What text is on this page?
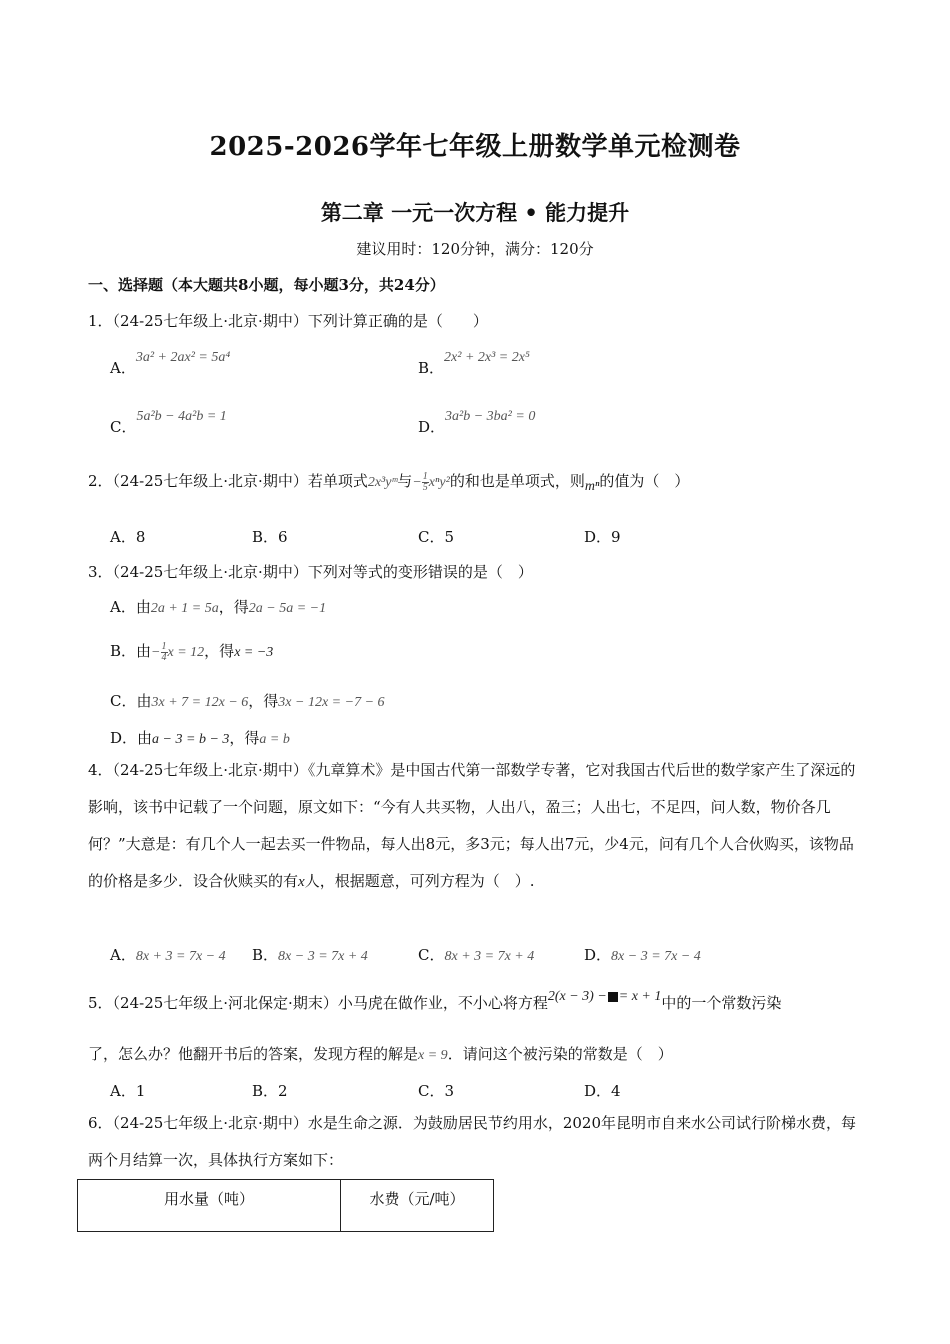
2025-2026学年七年级上册数学单元检测卷
第二章 一元一次方程 • 能力提升
建议用时：120分钟，满分：120分
一、选择题（本大题共8小题，每小题3分，共24分）
1．（24-25七年级上·北京·期中）下列计算正确的是（　　）
A．3a² + 2ax² = 5a⁴
B．2x² + 2x³ = 2x⁵
C．5a²b − 4a²b = 1
D．3a²b − 3ba² = 0
2．（24-25七年级上·北京·期中）若单项式2x³yᵐ与− $\frac{1}{5} x^ny^2$的和也是单项式，则mⁿ的值为（　）
A．8	B．6	C．5	D．9
3．（24-25七年级上·北京·期中）下列对等式的变形错误的是（　）
A．由2a + 1 = 5a，得2a − 5a = −1
B．由− $\frac{1}{4}$ x = 12，得x = −3
C．由3x + 7 = 12x − 6，得3x − 12x = −7 − 6
D．由a − 3 = b − 3，得a = b
4．（24-25七年级上·北京·期中）《九章算术》是中国古代第一部数学专著，它对我国古代后世的数学家产生了深远的影响，该书中记载了一个问题，原文如下：“今有人共买物，人出八，盈三；人出七，不足四，问人数，物价各几何？”大意是：有几个人一起去买一件物品，每人出8元，多3元；每人出7元，少4元，问有几个人合伙购买，该物品的价格是多少．设合伙赎买的有x人，根据题意，可列方程为（　）.
A．8x + 3 = 7x − 4 B．8x − 3 = 7x + 4	C．8x + 3 = 7x + 4	D．8x − 3 = 7x − 4
5．（24-25七年级上·河北保定·期末）小马虎在做作业，不小心将方程2(x − 3) − = x + 1中的一个常数污染
了，怎么办？他翻开书后的答案，发现方程的解是x = 9．请问这个被污染的常数是（　）
A．1	B．2	C．3	D．4
6．（24-25七年级上·北京·期中）水是生命之源．为鼓励居民节约用水，2020年昆明市自来水公司试行阶梯水费，每两个月结算一次，具体执行方案如下：
用水量（吨）	水费（元/吨）
